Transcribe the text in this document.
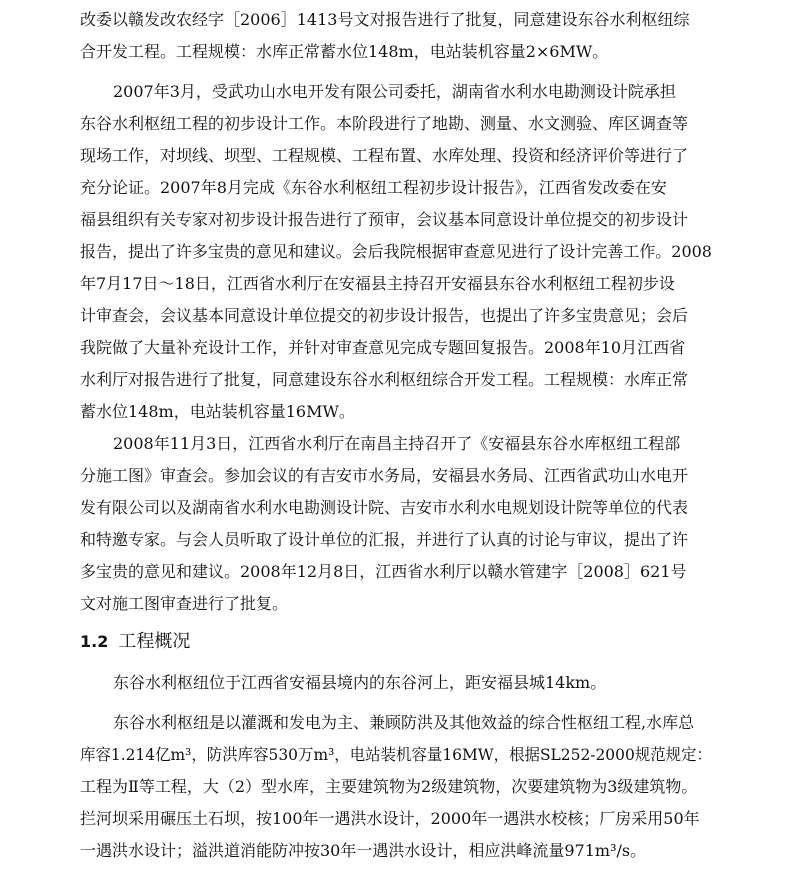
改委以赣发改农经字［2006］1413号文对报告进行了批复，同意建设东谷水利枢纽综
合开发工程。工程规模：水库正常蓄水位148m，电站装机容量2×6MW。
2007年3月，受武功山水电开发有限公司委托，湖南省水利水电勘测设计院承担
东谷水利枢纽工程的初步设计工作。本阶段进行了地勘、测量、水文测验、库区调查等
现场工作，对坝线、坝型、工程规模、工程布置、水库处理、投资和经济评价等进行了
充分论证。2007年8月完成《东谷水利枢纽工程初步设计报告》，江西省发改委在安
福县组织有关专家对初步设计报告进行了预审，会议基本同意设计单位提交的初步设计
报告，提出了许多宝贵的意见和建议。会后我院根据审查意见进行了设计完善工作。2008
年7月17日～18日，江西省水利厅在安福县主持召开安福县东谷水利枢纽工程初步设
计审查会，会议基本同意设计单位提交的初步设计报告，也提出了许多宝贵意见；会后
我院做了大量补充设计工作，并针对审查意见完成专题回复报告。2008年10月江西省
水利厅对报告进行了批复，同意建设东谷水利枢纽综合开发工程。工程规模：水库正常
蓄水位148m，电站装机容量16MW。
2008年11月3日，江西省水利厅在南昌主持召开了《安福县东谷水库枢纽工程部
分施工图》审查会。参加会议的有吉安市水务局，安福县水务局、江西省武功山水电开
发有限公司以及湖南省水利水电勘测设计院、吉安市水利水电规划设计院等单位的代表
和特邀专家。与会人员听取了设计单位的汇报，并进行了认真的讨论与审议，提出了许
多宝贵的意见和建议。2008年12月8日，江西省水利厅以赣水管建字［2008］621号
文对施工图审查进行了批复。
1.2 工程概况
东谷水利枢纽位于江西省安福县境内的东谷河上，距安福县城14km。
东谷水利枢纽是以灌溉和发电为主、兼顾防洪及其他效益的综合性枢纽工程,水库总
库容1.214亿m³，防洪库容530万m³，电站装机容量16MW，根据SL252-2000规范规定：
工程为Ⅱ等工程，大（2）型水库，主要建筑物为2级建筑物，次要建筑物为3级建筑物。
拦河坝采用碾压土石坝，按100年一遇洪水设计，2000年一遇洪水校核；厂房采用50年
一遇洪水设计；溢洪道消能防冲按30年一遇洪水设计，相应洪峰流量971m³/s。
